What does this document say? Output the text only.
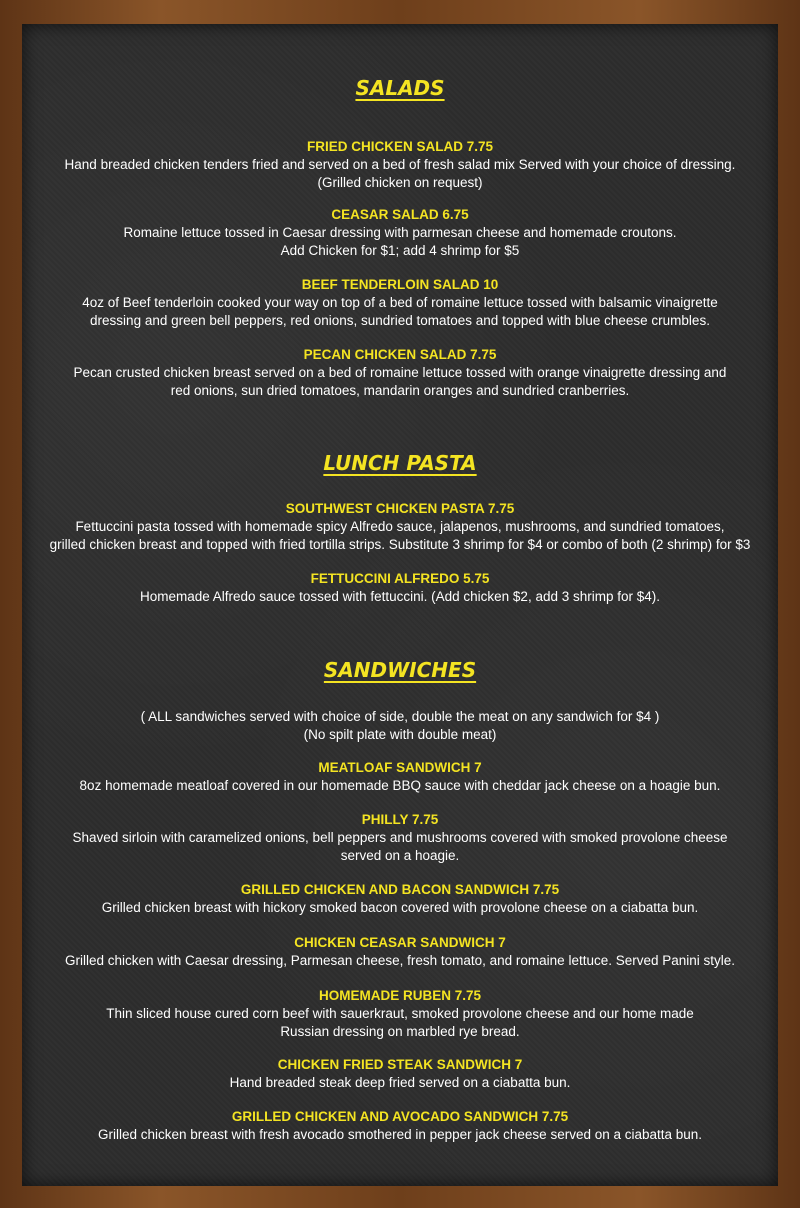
SALADS
FRIED CHICKEN SALAD 7.75
Hand breaded chicken tenders fried and served on a bed of fresh salad mix Served with your choice of dressing.
(Grilled chicken on request)
CEASAR SALAD 6.75
Romaine lettuce tossed in Caesar dressing with parmesan cheese and homemade croutons.
Add Chicken for $1; add 4 shrimp for $5
BEEF TENDERLOIN SALAD 10
4oz of Beef tenderloin cooked your way on top of a bed of romaine lettuce tossed with balsamic vinaigrette
dressing and green bell peppers, red onions, sundried tomatoes and topped with blue cheese crumbles.
PECAN CHICKEN SALAD 7.75
Pecan crusted chicken breast served on a bed of romaine lettuce tossed with orange vinaigrette dressing and
red onions, sun dried tomatoes, mandarin oranges and sundried cranberries.
LUNCH PASTA
SOUTHWEST CHICKEN PASTA 7.75
Fettuccini pasta tossed with homemade spicy Alfredo sauce, jalapenos, mushrooms, and sundried tomatoes,
grilled chicken breast and topped with fried tortilla strips. Substitute 3 shrimp for $4 or combo of both (2 shrimp) for $3
FETTUCCINI ALFREDO 5.75
Homemade Alfredo sauce tossed with fettuccini. (Add chicken $2, add 3 shrimp for $4).
SANDWICHES
( ALL sandwiches served with choice of side, double the meat on any sandwich for $4 )
(No spilt plate with double meat)
MEATLOAF SANDWICH 7
8oz homemade meatloaf covered in our homemade BBQ sauce with cheddar jack cheese on a hoagie bun.
PHILLY 7.75
Shaved sirloin with caramelized onions, bell peppers and mushrooms covered with smoked provolone cheese
served on a hoagie.
GRILLED CHICKEN AND BACON SANDWICH 7.75
Grilled chicken breast with hickory smoked bacon covered with provolone cheese on a ciabatta bun.
CHICKEN CEASAR SANDWICH 7
Grilled chicken with Caesar dressing, Parmesan cheese, fresh tomato, and romaine lettuce. Served Panini style.
HOMEMADE RUBEN 7.75
Thin sliced house cured corn beef with sauerkraut, smoked provolone cheese and our home made
Russian dressing on marbled rye bread.
CHICKEN FRIED STEAK SANDWICH 7
Hand breaded steak deep fried served on a ciabatta bun.
GRILLED CHICKEN AND AVOCADO SANDWICH 7.75
Grilled chicken breast with fresh avocado smothered in pepper jack cheese served on a ciabatta bun.
